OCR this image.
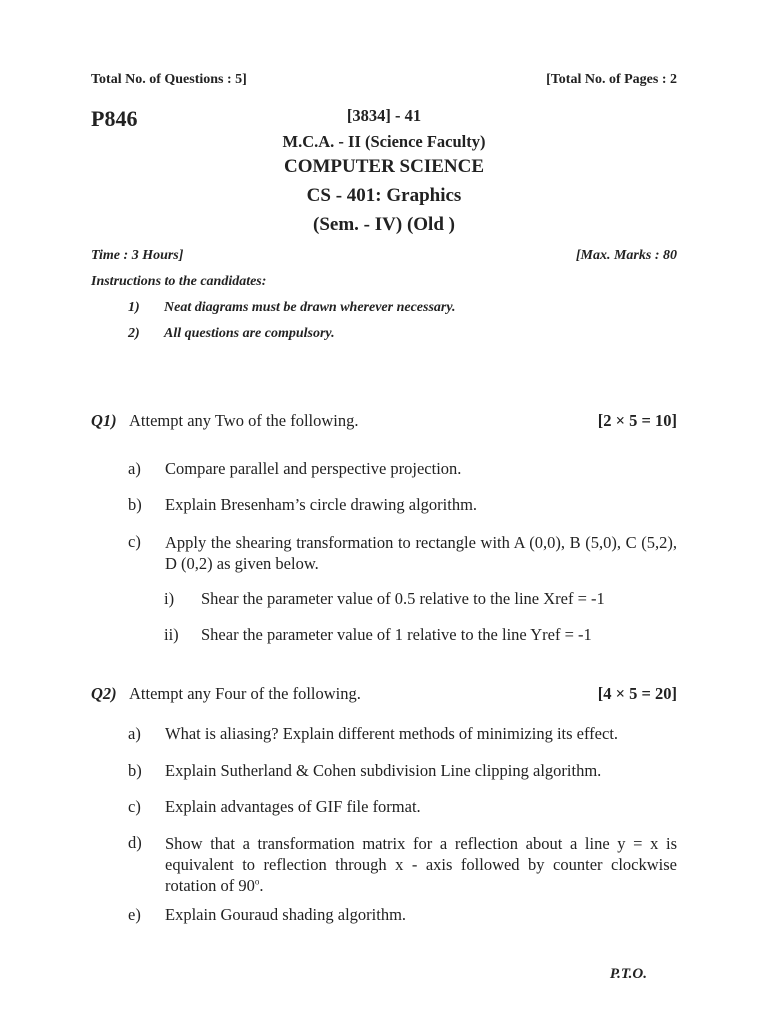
Total No. of Questions : 5]	[Total No. of Pages : 2
P846	[3834] - 41
M.C.A. - II (Science Faculty)
COMPUTER SCIENCE
CS - 401: Graphics
(Sem. - IV) (Old )
Time : 3 Hours]	[Max. Marks : 80
Instructions to the candidates:
1) Neat diagrams must be drawn wherever necessary.
2) All questions are compulsory.
Q1) Attempt any Two of the following.	[2 × 5 = 10]
a) Compare parallel and perspective projection.
b) Explain Bresenham’s circle drawing algorithm.
c) Apply the shearing transformation to rectangle with A (0,0), B (5,0), C (5,2), D (0,2) as given below.
i) Shear the parameter value of 0.5 relative to the line Xref = -1
ii) Shear the parameter value of 1 relative to the line Yref = -1
Q2) Attempt any Four of the following.	[4 × 5 = 20]
a) What is aliasing? Explain different methods of minimizing its effect.
b) Explain Sutherland & Cohen subdivision Line clipping algorithm.
c) Explain advantages of GIF file format.
d) Show that a transformation matrix for a reflection about a line y = x is equivalent to reflection through x - axis followed by counter clockwise rotation of 90$^o$.
e) Explain Gouraud shading algorithm.
P.T.O.
